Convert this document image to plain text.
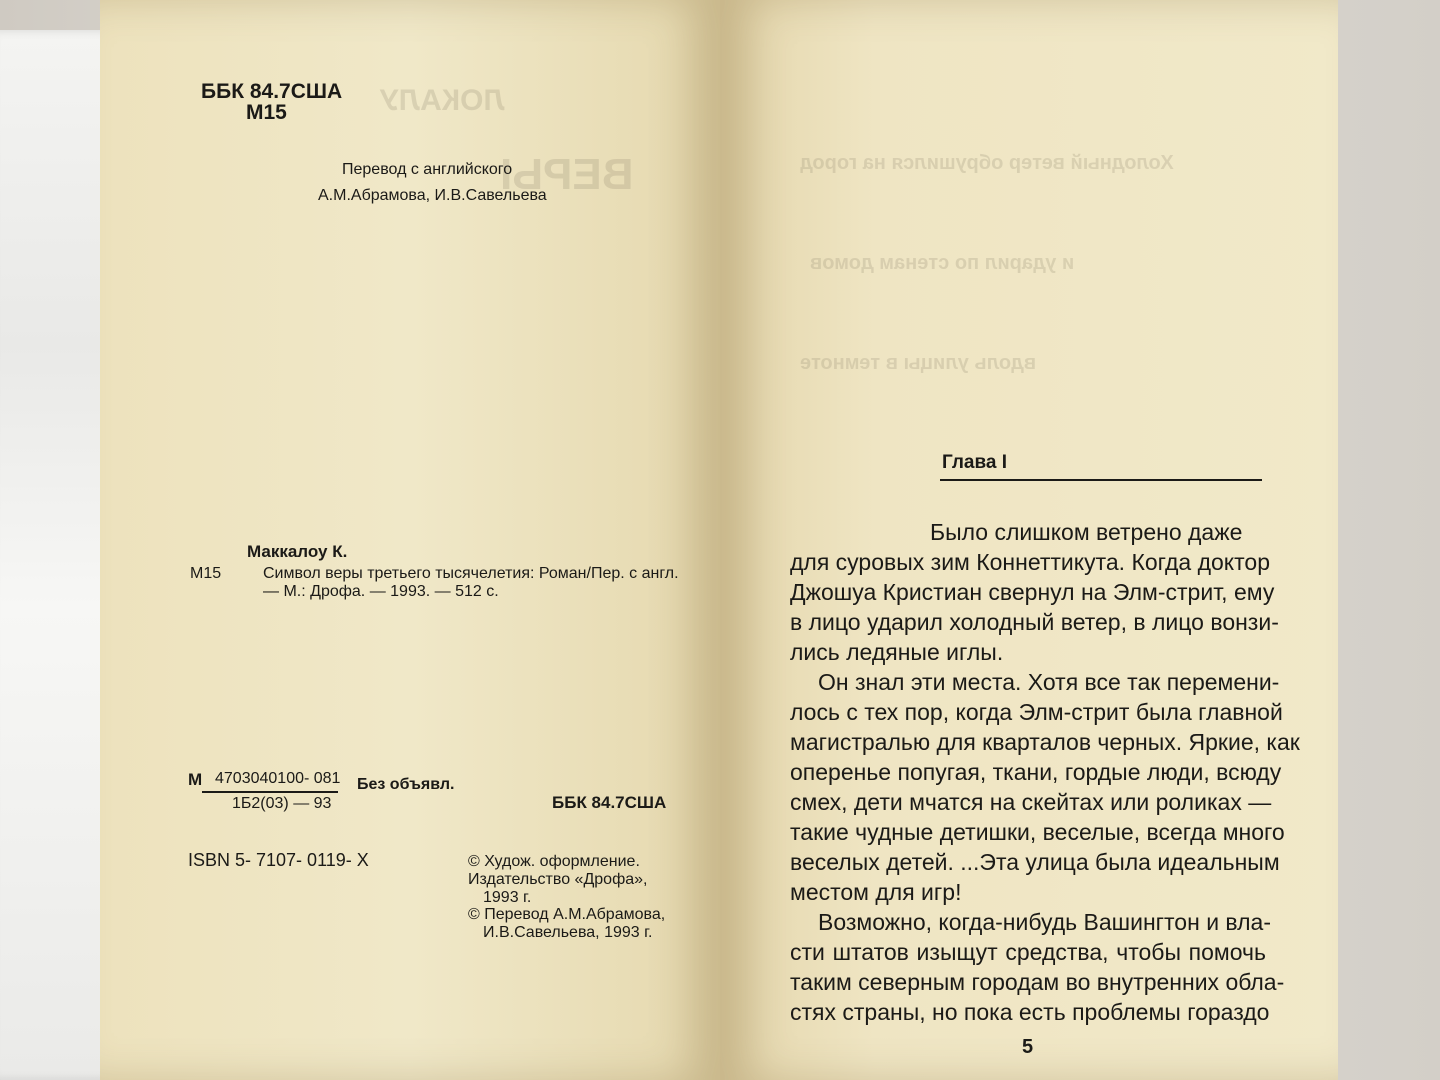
ЛОКАЛУ
ВЕРЫ
ББК 84.7США
М15
Перевод с английского
А.М.Абрамова, И.В.Савельева
Маккалоу К.
М15	Символ веры третьего тысячелетия: Роман/Пер. с англ.
— М.: Дрофа. — 1993. — 512 с.
М 4703040100- 081
1Б2(03) — 93
Без объявл.
ББК 84.7США
ISBN 5- 7107- 0119- X	© Худож. оформление.
Издательство «Дрофа»,
1993 г.
© Перевод А.М.Абрамова,
И.В.Савельева, 1993 г.
Холодный ветер обрушился на город
и ударил по стенам домов
вдоль улицы в темноте
Глава I
Было слишком ветрено даже
для суровых зим Коннеттикута. Когда доктор
Джошуа Кристиан свернул на Элм-стрит, ему
в лицо ударил холодный ветер, в лицо вонзи-
лись ледяные иглы.
Он знал эти места. Хотя все так перемени-
лось с тех пор, когда Элм-стрит была главной
магистралью для кварталов черных. Яркие, как
оперенье попугая, ткани, гордые люди, всюду
смех, дети мчатся на скейтах или роликах —
такие чудные детишки, веселые, всегда много
веселых детей. ...Эта улица была идеальным
местом для игр!
Возможно, когда-нибудь Вашингтон и вла-
сти штатов изыщут средства, чтобы помочь
таким северным городам во внутренних обла-
стях страны, но пока есть проблемы гораздо
5
